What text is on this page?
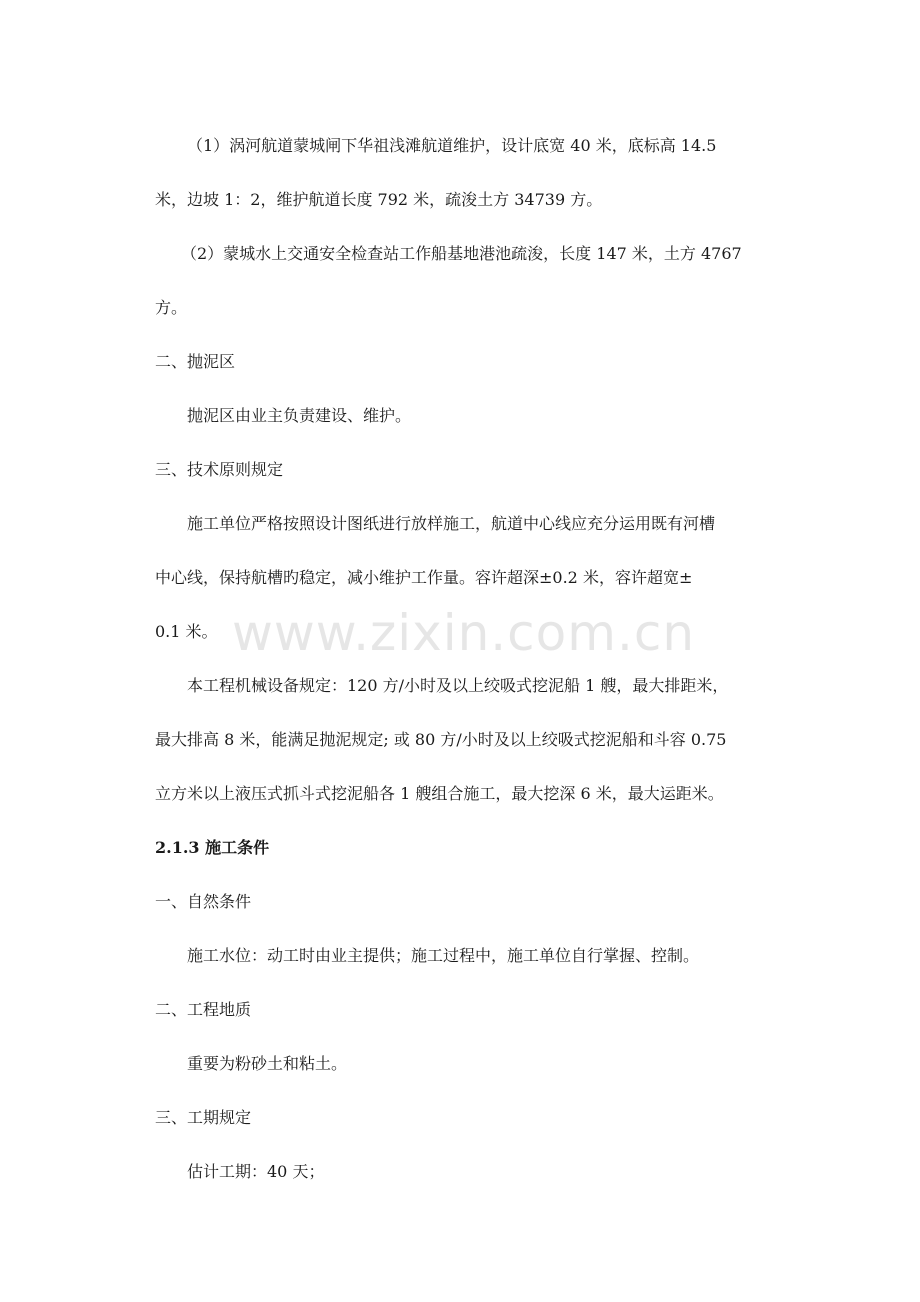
www.zixin.com.cn

（1）涡河航道蒙城闸下华祖浅滩航道维护，设计底宽 40 米，底标高 14.5

米，边坡 1：2，维护航道长度 792 米，疏浚土方 34739 方。

（2）蒙城水上交通安全检查站工作船基地港池疏浚，长度 147 米，土方 4767

方。

二、抛泥区

抛泥区由业主负责建设、维护。

三、技术原则规定

施工单位严格按照设计图纸进行放样施工，航道中心线应充分运用既有河槽

中心线，保持航槽旳稳定，减小维护工作量。容许超深±0.2 米，容许超宽±

0.1 米。

本工程机械设备规定：120 方/小时及以上绞吸式挖泥船 1 艘，最大排距米，

最大排高 8 米，能满足抛泥规定; 或 80 方/小时及以上绞吸式挖泥船和斗容 0.75

立方米以上液压式抓斗式挖泥船各 1 艘组合施工，最大挖深 6 米，最大运距米。

2.1.3 施工条件

一、自然条件

施工水位：动工时由业主提供；施工过程中，施工单位自行掌握、控制。

二、工程地质

重要为粉砂土和粘土。

三、工期规定

估计工期：40 天；
